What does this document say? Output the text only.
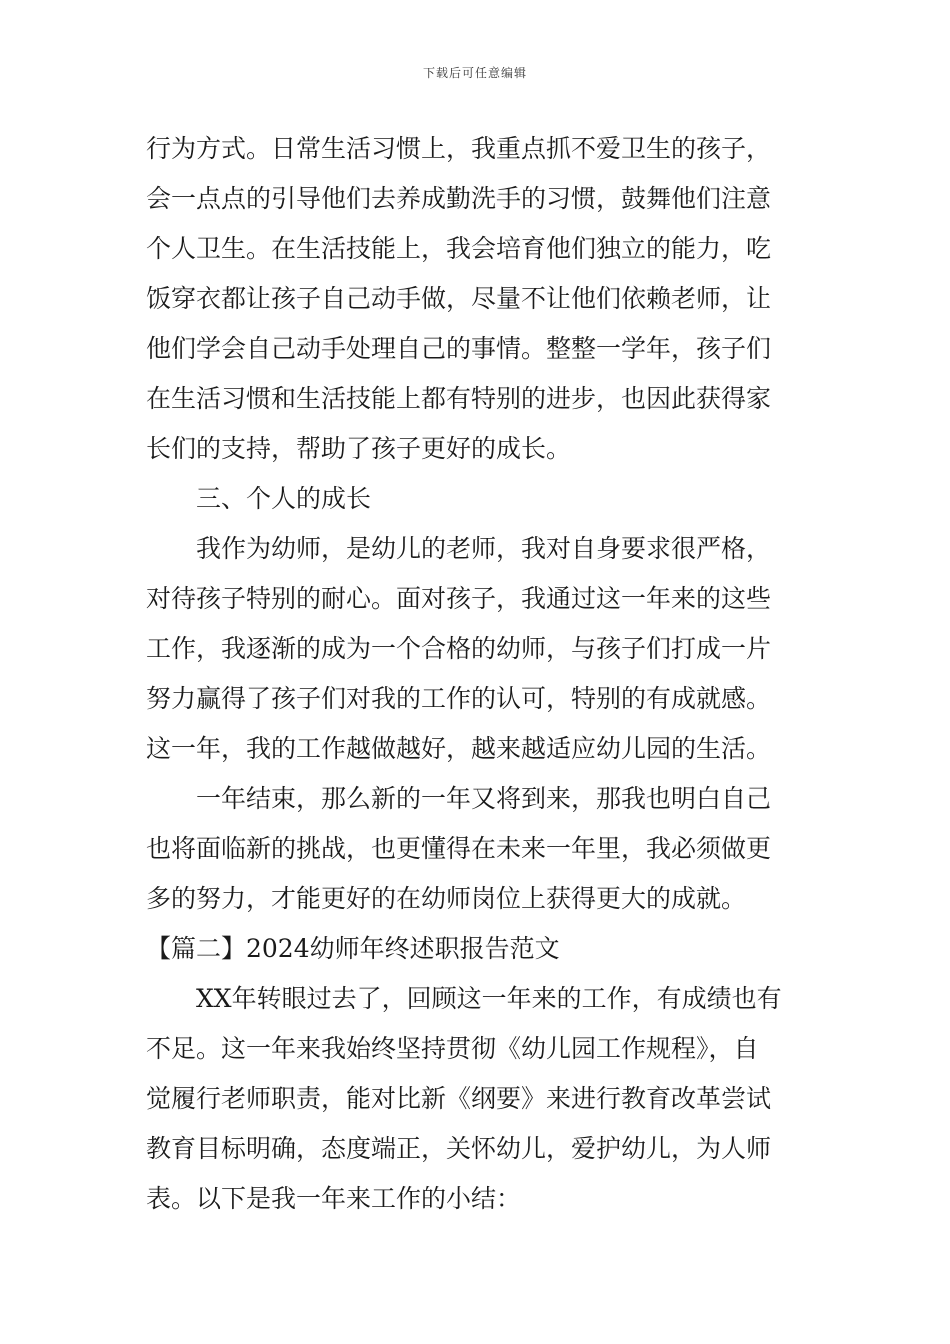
下载后可任意编辑
行为方式。日常生活习惯上，我重点抓不爱卫生的孩子，
会一点点的引导他们去养成勤洗手的习惯，鼓舞他们注意
个人卫生。在生活技能上，我会培育他们独立的能力，吃
饭穿衣都让孩子自己动手做，尽量不让他们依赖老师，让
他们学会自己动手处理自己的事情。整整一学年，孩子们
在生活习惯和生活技能上都有特别的进步，也因此获得家
长们的支持，帮助了孩子更好的成长。
三、个人的成长
我作为幼师，是幼儿的老师，我对自身要求很严格，
对待孩子特别的耐心。面对孩子，我通过这一年来的这些
工作，我逐渐的成为一个合格的幼师，与孩子们打成一片
努力赢得了孩子们对我的工作的认可，特别的有成就感。
这一年，我的工作越做越好，越来越适应幼儿园的生活。
一年结束，那么新的一年又将到来，那我也明白自己
也将面临新的挑战，也更懂得在未来一年里，我必须做更
多的努力，才能更好的在幼师岗位上获得更大的成就。
【篇二】2024幼师年终述职报告范文
XX年转眼过去了，回顾这一年来的工作，有成绩也有
不足。这一年来我始终坚持贯彻《幼儿园工作规程》，自
觉履行老师职责，能对比新《纲要》来进行教育改革尝试
教育目标明确，态度端正，关怀幼儿，爱护幼儿，为人师
表。以下是我一年来工作的小结：
